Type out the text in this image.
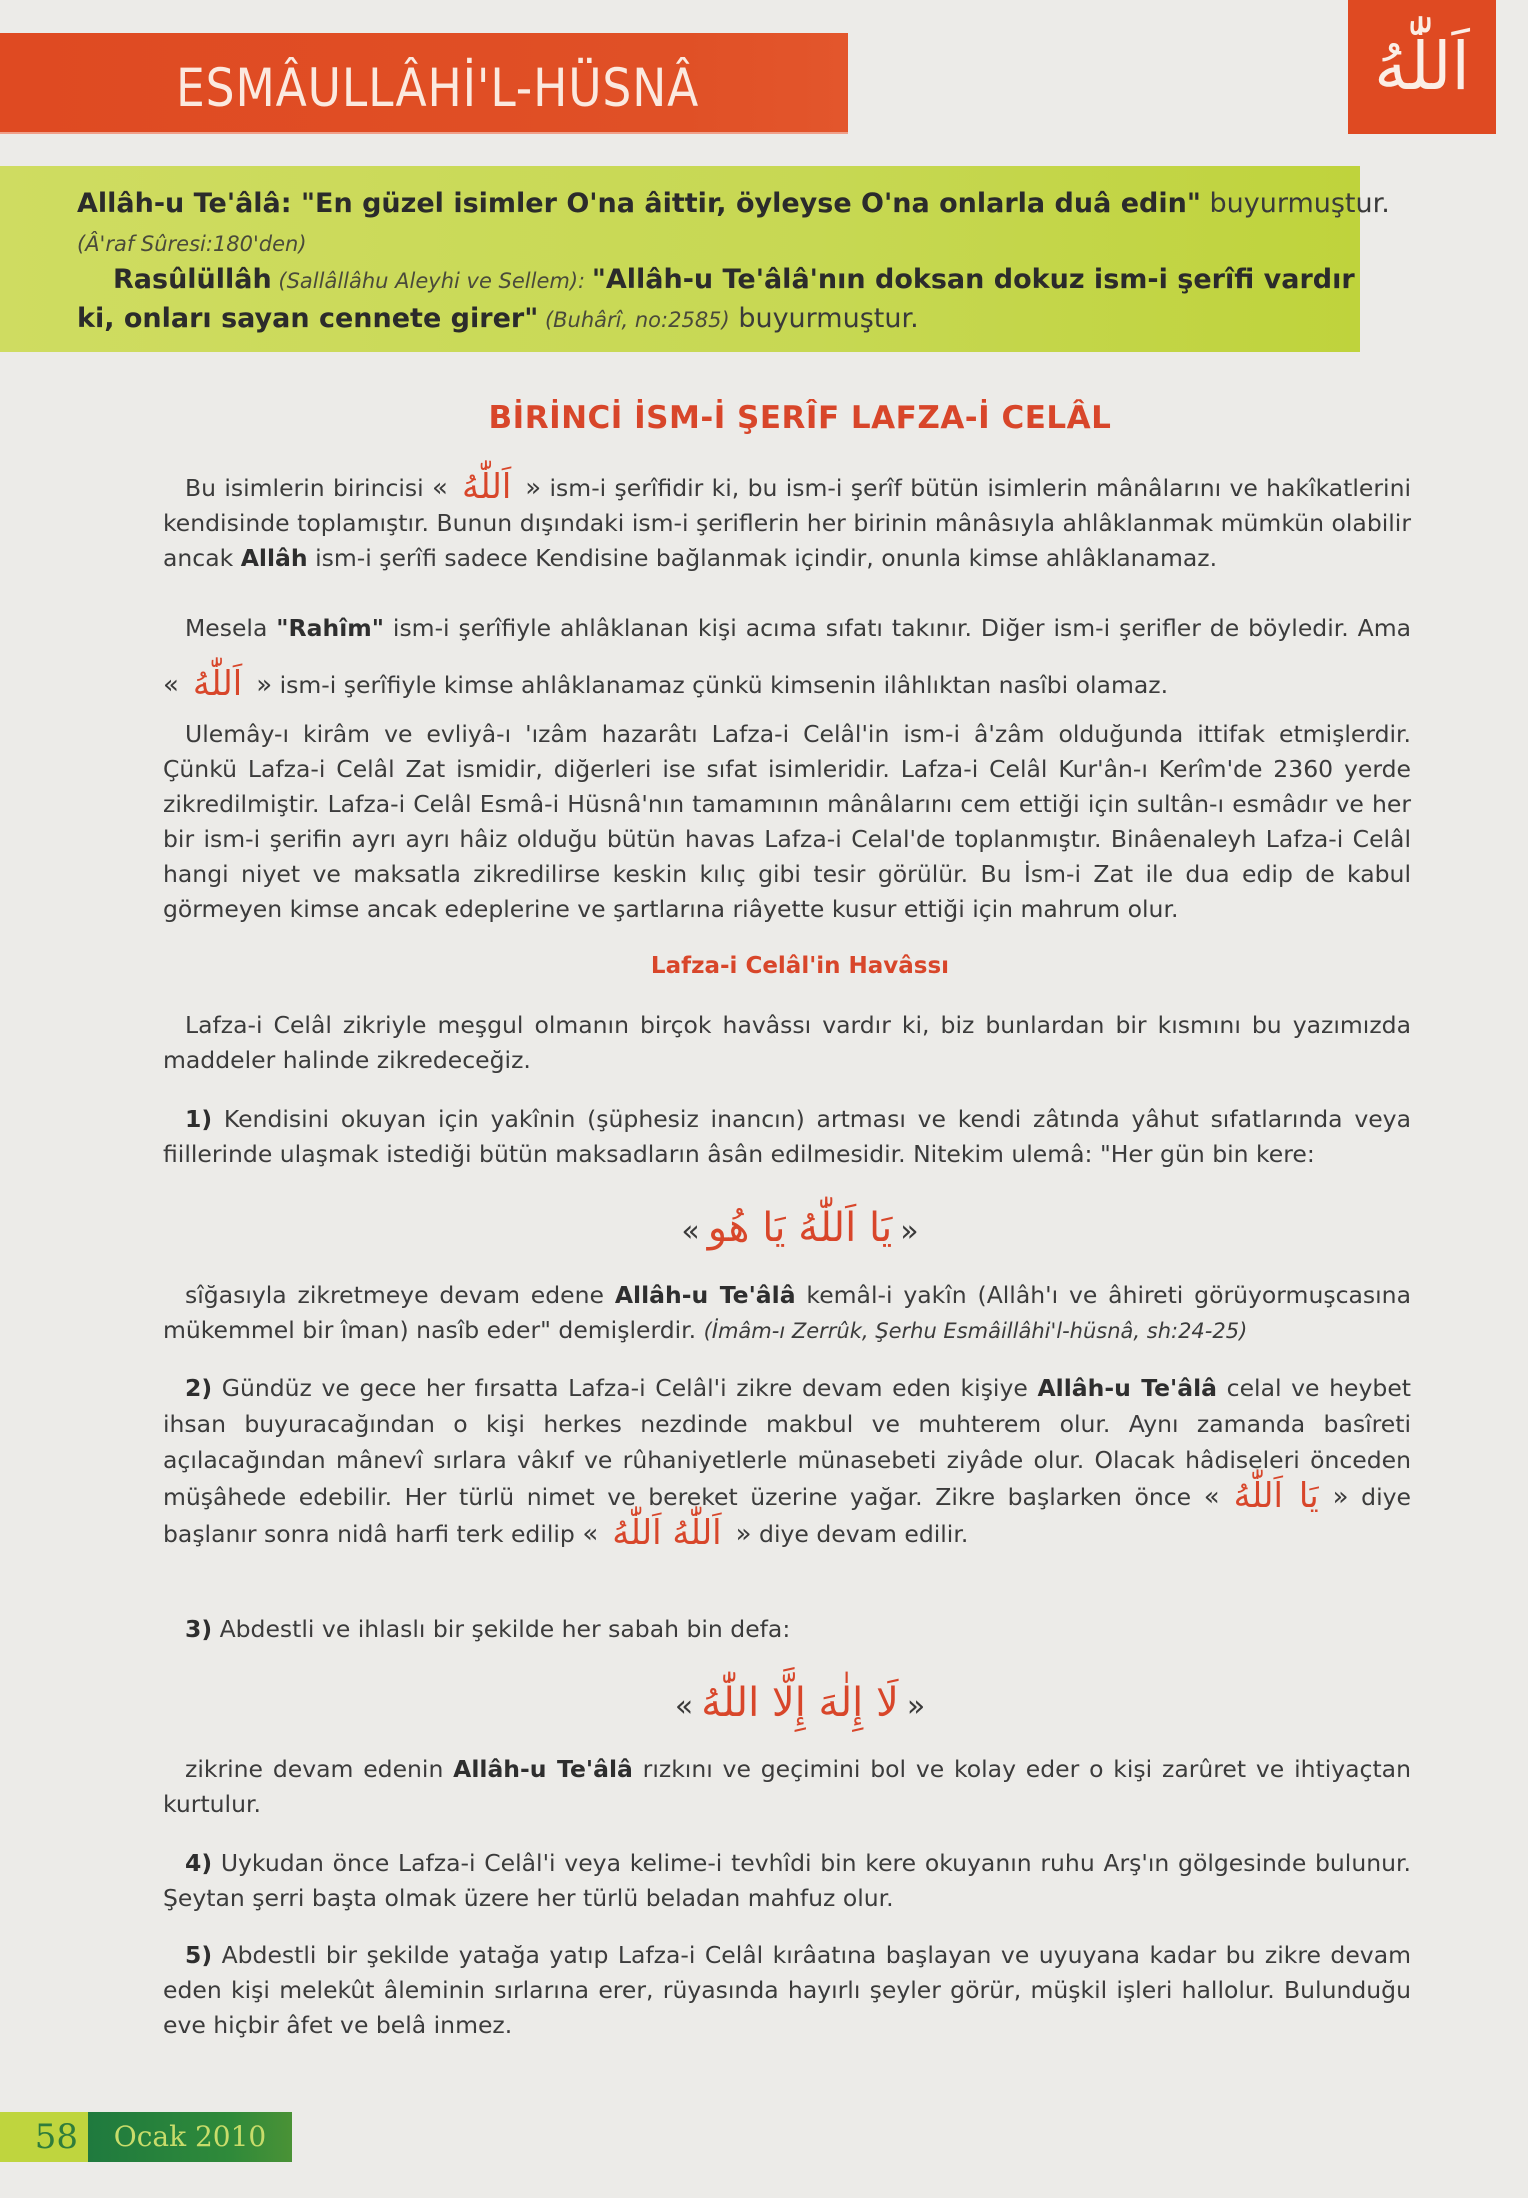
ESMÂULLÂHİ'L-HÜSNÂ	اَللّٰهُ
Allâh-u Te'âlâ: "En güzel isimler O'na âittir, öyleyse O'na onlarla duâ edin" buyurmuştur.
(Â'raf Sûresi:180'den)
Rasûlüllâh (Sallâllâhu Aleyhi ve Sellem): "Allâh-u Te'âlâ'nın doksan dokuz ism-i şerîfi vardır
ki, onları sayan cennete girer" (Buhârî, no:2585) buyurmuştur.
BİRİNCİ İSM-İ ŞERÎF LAFZA-İ CELÂL
Bu isimlerin birincisi « اَللّٰهُ » ism-i şerîfidir ki, bu ism-i şerîf bütün isimlerin mânâlarını ve hakîkatlerini kendisinde toplamıştır. Bunun dışındaki ism-i şeriflerin her birinin mânâsıyla ahlâklanmak mümkün olabilir ancak Allâh ism-i şerîfi sadece Kendisine bağlanmak içindir, onunla kimse ahlâklanamaz.
Mesela "Rahîm" ism-i şerîfiyle ahlâklanan kişi acıma sıfatı takınır. Diğer ism-i şerifler de böyledir. Ama « اَللّٰهُ » ism-i şerîfiyle kimse ahlâklanamaz çünkü kimsenin ilâhlıktan nasîbi olamaz.
Ulemây-ı kirâm ve evliyâ-ı 'ızâm hazarâtı Lafza-i Celâl'in ism-i â'zâm olduğunda ittifak etmişlerdir. Çünkü Lafza-i Celâl Zat ismidir, diğerleri ise sıfat isimleridir. Lafza-i Celâl Kur'ân-ı Kerîm'de 2360 yerde zikredilmiştir. Lafza-i Celâl Esmâ-i Hüsnâ'nın tamamının mânâlarını cem ettiği için sultân-ı esmâdır ve her bir ism-i şerifin ayrı ayrı hâiz olduğu bütün havas Lafza-i Celal'de toplanmıştır. Binâenaleyh Lafza-i Celâl hangi niyet ve maksatla zikredilirse keskin kılıç gibi tesir görülür. Bu İsm-i Zat ile dua edip de kabul görmeyen kimse ancak edeplerine ve şartlarına riâyette kusur ettiği için mahrum olur.
Lafza-i Celâl'in Havâssı
Lafza-i Celâl zikriyle meşgul olmanın birçok havâssı vardır ki, biz bunlardan bir kısmını bu yazımızda maddeler halinde zikredeceğiz.
1) Kendisini okuyan için yakînin (şüphesiz inancın) artması ve kendi zâtında yâhut sıfatlarında veya fiillerinde ulaşmak istediği bütün maksadların âsân edilmesidir. Nitekim ulemâ: "Her gün bin kere:
« يَا اَللّٰهُ يَا هُو »
sîğasıyla zikretmeye devam edene Allâh-u Te'âlâ kemâl-i yakîn (Allâh'ı ve âhireti görüyormuşcasına mükemmel bir îman) nasîb eder" demişlerdir. (İmâm-ı Zerrûk, Şerhu Esmâillâhi'l-hüsnâ, sh:24-25)
2) Gündüz ve gece her fırsatta Lafza-i Celâl'i zikre devam eden kişiye Allâh-u Te'âlâ celal ve heybet ihsan buyuracağından o kişi herkes nezdinde makbul ve muhterem olur. Aynı zamanda basîreti açılacağından mânevî sırlara vâkıf ve rûhaniyetlerle münasebeti ziyâde olur. Olacak hâdiseleri önceden müşâhede edebilir. Her türlü nimet ve bereket üzerine yağar. Zikre başlarken önce « يَا اَللّٰهُ » diye başlanır sonra nidâ harfi terk edilip « اَللّٰهُ اَللّٰهُ » diye devam edilir.
3) Abdestli ve ihlaslı bir şekilde her sabah bin defa:
« لَا إِلٰهَ إِلَّا اللّٰهُ »
zikrine devam edenin Allâh-u Te'âlâ rızkını ve geçimini bol ve kolay eder o kişi zarûret ve ihtiyaçtan kurtulur.
4) Uykudan önce Lafza-i Celâl'i veya kelime-i tevhîdi bin kere okuyanın ruhu Arş'ın gölgesinde bulunur. Şeytan şerri başta olmak üzere her türlü beladan mahfuz olur.
5) Abdestli bir şekilde yatağa yatıp Lafza-i Celâl kırâatına başlayan ve uyuyana kadar bu zikre devam eden kişi melekût âleminin sırlarına erer, rüyasında hayırlı şeyler görür, müşkil işleri hallolur. Bulunduğu eve hiçbir âfet ve belâ inmez.
58	Ocak 2010
